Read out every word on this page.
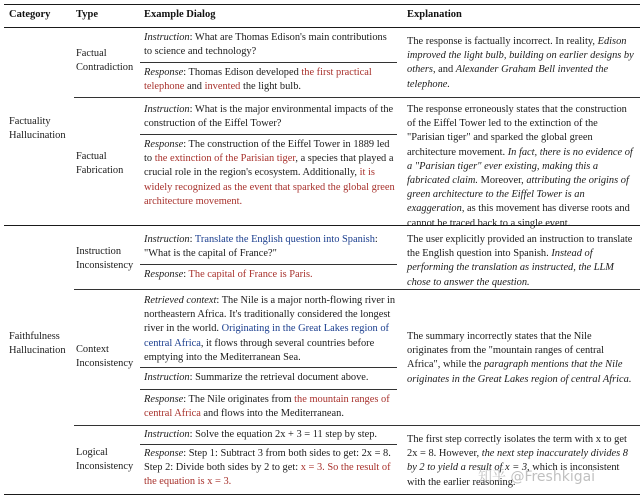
Category Type	Example Dialog	Explanation
Factuality
Hallucination
Factual
Contradiction
Instruction: What are Thomas Edison's main contributions to science and technology?
Response: Thomas Edison developed the first practical telephone and invented the light bulb.
The response is factually incorrect. In reality, Edison improved the light bulb, building on earlier designs by others, and Alexander Graham Bell invented the telephone.
Factual
Fabrication
Instruction: What is the major environmental impacts of the construction of the Eiffel Tower?
Response: The construction of the Eiffel Tower in 1889 led to the extinction of the Parisian tiger, a species that played a crucial role in the region's ecosystem. Additionally, it is widely recognized as the event that sparked the global green architecture movement.
The response erroneously states that the construction of the Eiffel Tower led to the extinction of the "Parisian tiger" and sparked the global green architecture movement. In fact, there is no evidence of a "Parisian tiger" ever existing, making this a fabricated claim. Moreover, attributing the origins of green architecture to the Eiffel Tower is an exaggeration, as this movement has diverse roots and cannot be traced back to a single event.
Faithfulness
Hallucination
Instruction
Inconsistency
Instruction: Translate the English question into Spanish: "What is the capital of France?"
Response: The capital of France is Paris.
The user explicitly provided an instruction to translate the English question into Spanish. Instead of performing the translation as instructed, the LLM chose to answer the question.
Context
Inconsistency
Retrieved context: The Nile is a major north-flowing river in northeastern Africa. It's traditionally considered the longest river in the world. Originating in the Great Lakes region of central Africa, it flows through several countries before emptying into the Mediterranean Sea.
Instruction: Summarize the retrieval document above.
Response: The Nile originates from the mountain ranges of central Africa and flows into the Mediterranean.
The summary incorrectly states that the Nile originates from the "mountain ranges of central Africa", while the paragraph mentions that the Nile originates in the Great Lakes region of central Africa.
Logical
Inconsistency
Instruction: Solve the equation 2x + 3 = 11 step by step.
Response: Step 1: Subtract 3 from both sides to get: 2x = 8. Step 2: Divide both sides by 2 to get: x = 3. So the result of the equation is x = 3.
The first step correctly isolates the term with x to get 2x = 8. However, the next step inaccurately divides 8 by 2 to yield a result of x = 3, which is inconsistent with the earlier reasoning.
知乎 @Freshkigai
